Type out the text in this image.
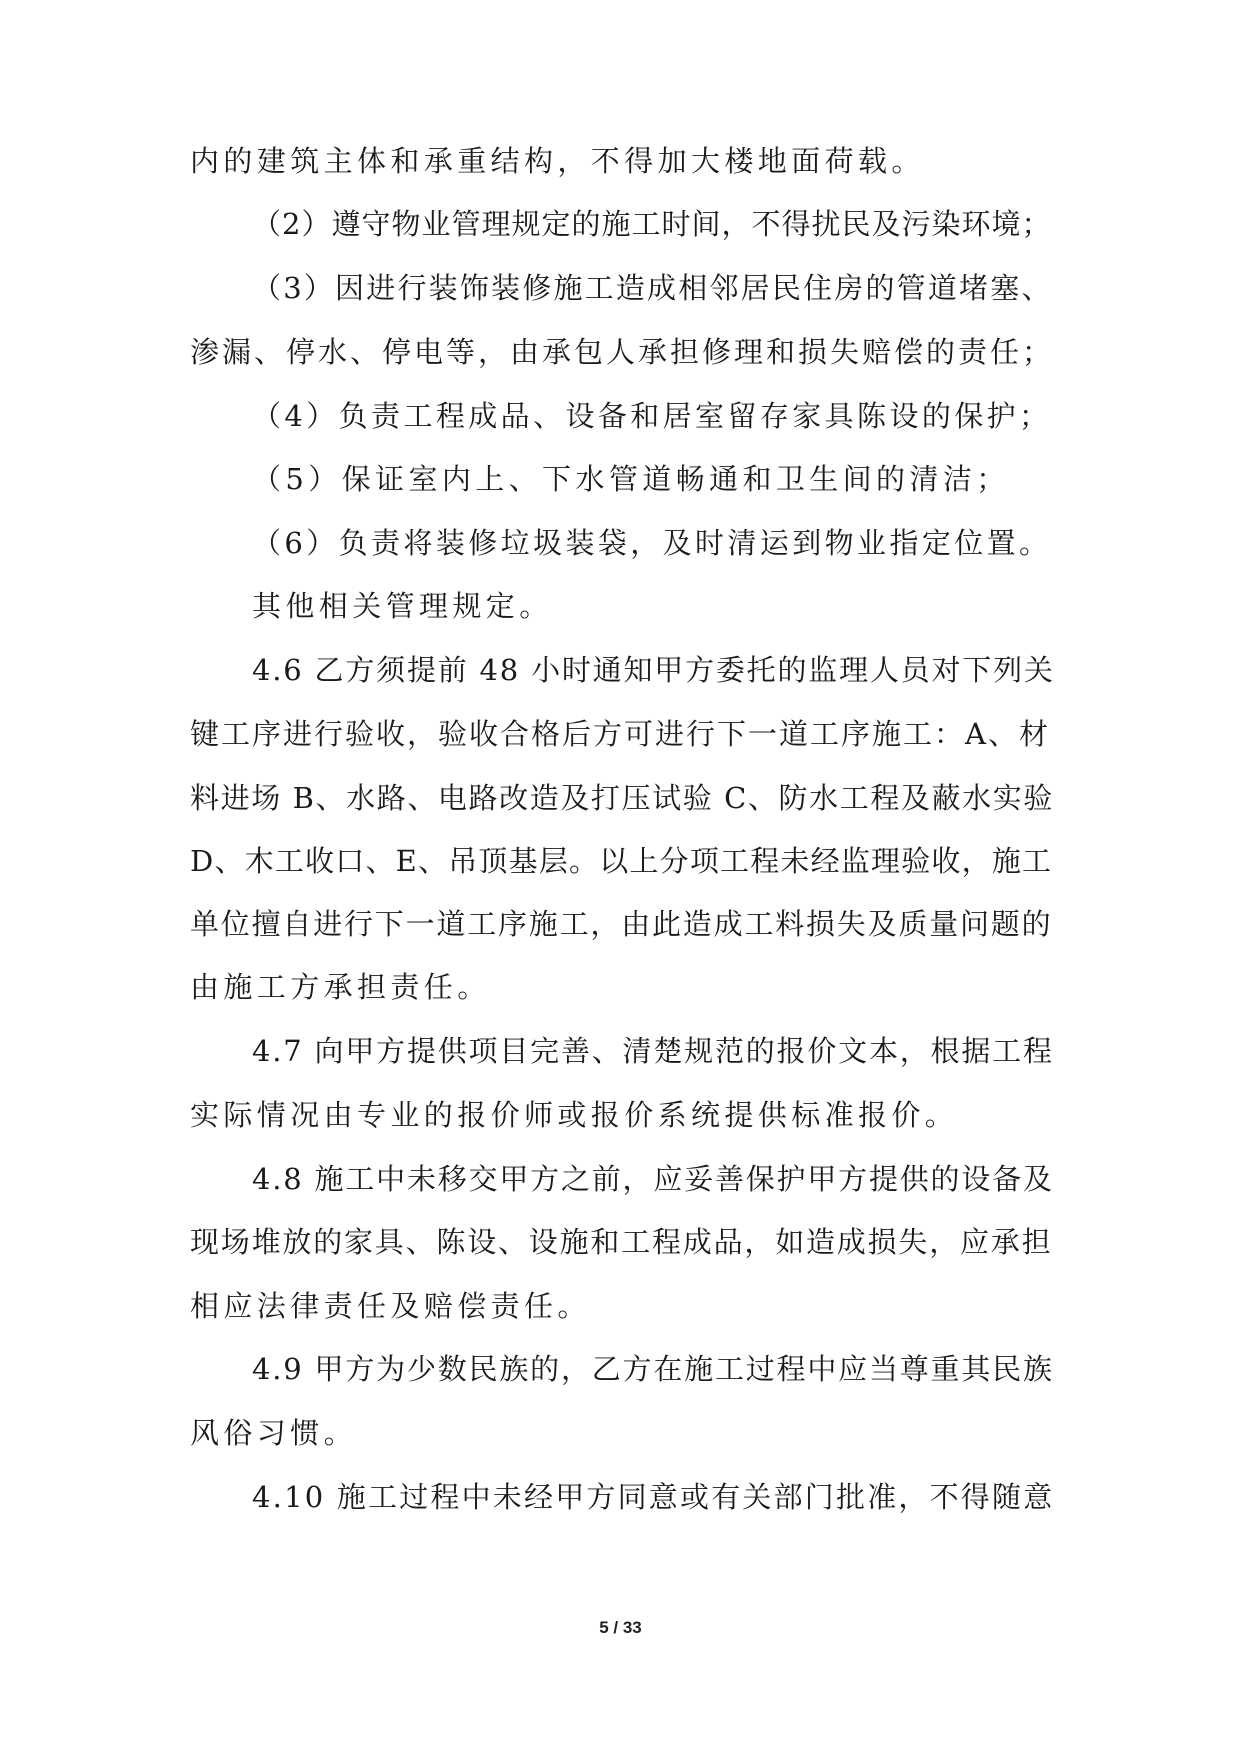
内的建筑主体和承重结构，不得加大楼地面荷载。
（2）遵守物业管理规定的施工时间，不得扰民及污染环境；
（3）因进行装饰装修施工造成相邻居民住房的管道堵塞、
渗漏、停水、停电等，由承包人承担修理和损失赔偿的责任；
（4）负责工程成品、设备和居室留存家具陈设的保护；
（5）保证室内上、下水管道畅通和卫生间的清洁；
（6）负责将装修垃圾装袋，及时清运到物业指定位置。
其他相关管理规定。
4.6 乙方须提前 48 小时通知甲方委托的监理人员对下列关
键工序进行验收，验收合格后方可进行下一道工序施工：A、材
料进场 B、水路、电路改造及打压试验 C、防水工程及蔽水实验
D、木工收口、E、吊顶基层。以上分项工程未经监理验收，施工
单位擅自进行下一道工序施工，由此造成工料损失及质量问题的
由施工方承担责任。
4.7 向甲方提供项目完善、清楚规范的报价文本，根据工程
实际情况由专业的报价师或报价系统提供标准报价。
4.8 施工中未移交甲方之前，应妥善保护甲方提供的设备及
现场堆放的家具、陈设、设施和工程成品，如造成损失，应承担
相应法律责任及赔偿责任。
4.9 甲方为少数民族的，乙方在施工过程中应当尊重其民族
风俗习惯。
4.10 施工过程中未经甲方同意或有关部门批准，不得随意
5 / 33
